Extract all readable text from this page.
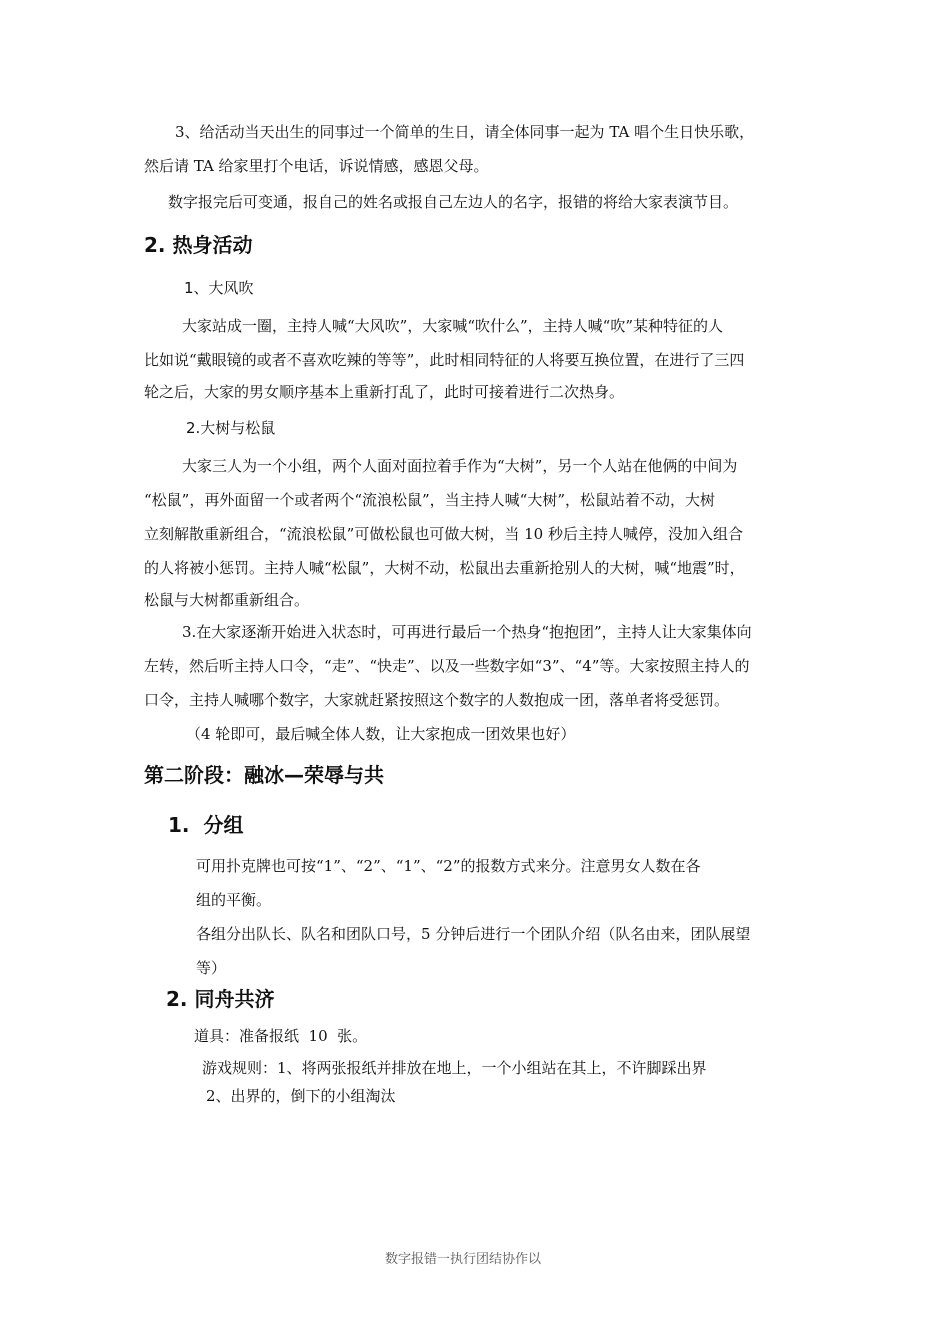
3、给活动当天出生的同事过一个简单的生日，请全体同事一起为 TA 唱个生日快乐歌，
然后请 TA 给家里打个电话，诉说情感，感恩父母。
数字报完后可变通，报自己的姓名或报自己左边人的名字，报错的将给大家表演节目。
2. 热身活动
1、大风吹
大家站成一圈，主持人喊“大风吹”，大家喊“吹什么”，主持人喊“吹”某种特征的人
比如说“戴眼镜的或者不喜欢吃辣的等等”，此时相同特征的人将要互换位置，在进行了三四
轮之后，大家的男女顺序基本上重新打乱了，此时可接着进行二次热身。
2.大树与松鼠
大家三人为一个小组，两个人面对面拉着手作为“大树”，另一个人站在他俩的中间为
“松鼠”，再外面留一个或者两个“流浪松鼠”，当主持人喊“大树”，松鼠站着不动，大树
立刻解散重新组合，“流浪松鼠”可做松鼠也可做大树，当 10 秒后主持人喊停，没加入组合
的人将被小惩罚。主持人喊“松鼠”，大树不动，松鼠出去重新抢别人的大树，喊“地震”时，
松鼠与大树都重新组合。
3.在大家逐渐开始进入状态时，可再进行最后一个热身“抱抱团”，主持人让大家集体向
左转，然后听主持人口令，“走”、“快走”、以及一些数字如“3”、“4”等。大家按照主持人的
口令，主持人喊哪个数字，大家就赶紧按照这个数字的人数抱成一团，落单者将受惩罚。
（4 轮即可，最后喊全体人数，让大家抱成一团效果也好）
第二阶段：融冰—荣辱与共
1.  分组
可用扑克牌也可按“1”、“2”、“1”、“2”的报数方式来分。注意男女人数在各
组的平衡。
各组分出队长、队名和团队口号，5 分钟后进行一个团队介绍（队名由来，团队展望
等）
2. 同舟共济
道具：准备报纸  10  张。
游戏规则：1、将两张报纸并排放在地上，一个小组站在其上，不许脚踩出界
2、出界的，倒下的小组淘汰
数字报错一执行团结协作以
